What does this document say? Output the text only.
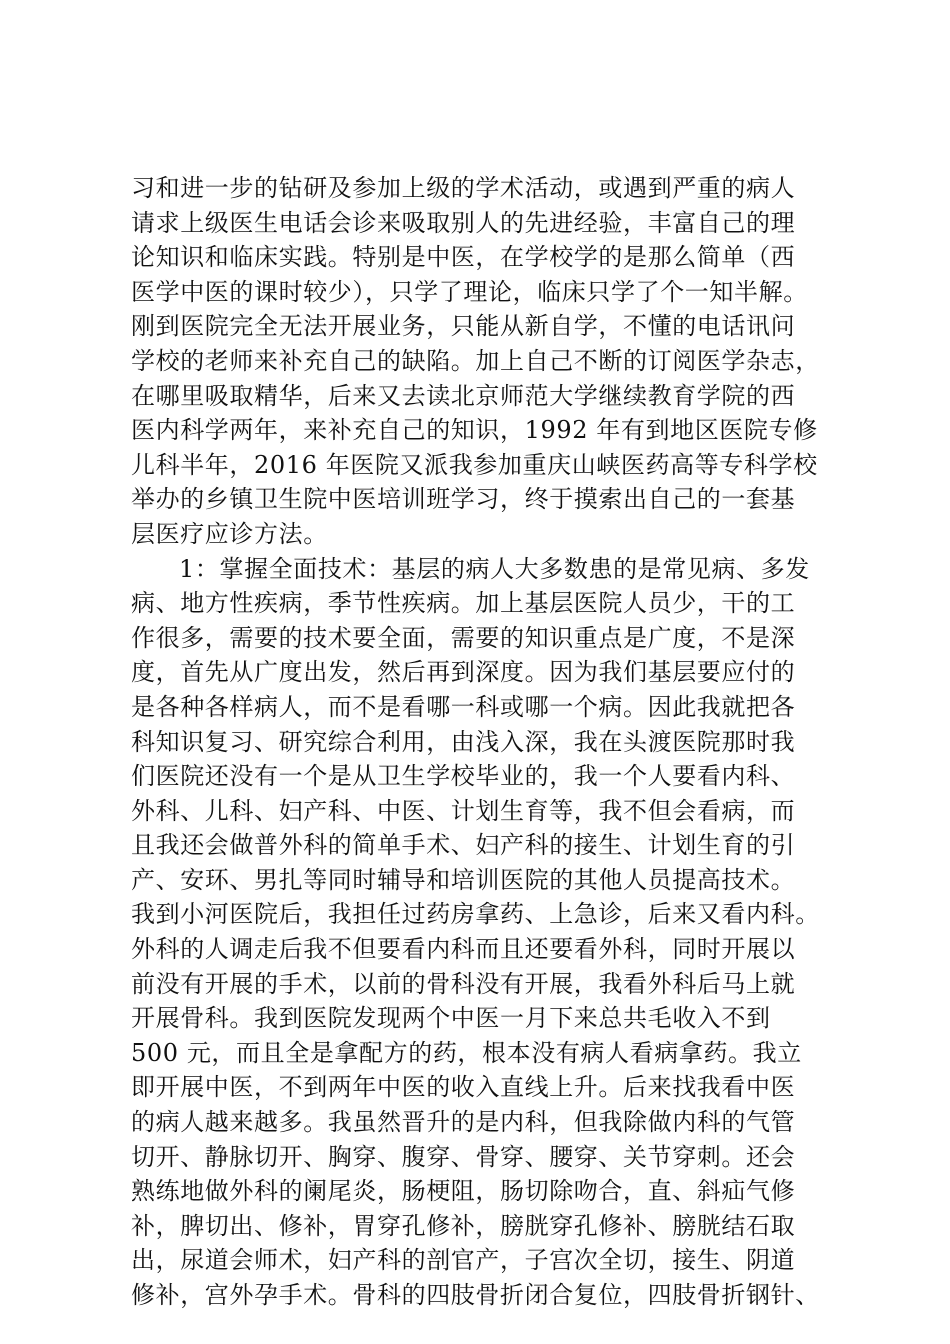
习和进一步的钻研及参加上级的学术活动，或遇到严重的病人
请求上级医生电话会诊来吸取别人的先进经验，丰富自己的理
论知识和临床实践。特别是中医，在学校学的是那么简单（西
医学中医的课时较少），只学了理论，临床只学了个一知半解。
刚到医院完全无法开展业务，只能从新自学，不懂的电话讯问
学校的老师来补充自己的缺陷。加上自己不断的订阅医学杂志，
在哪里吸取精华，后来又去读北京师范大学继续教育学院的西
医内科学两年，来补充自己的知识，1992 年有到地区医院专修
儿科半年，2016 年医院又派我参加重庆山峡医药高等专科学校
举办的乡镇卫生院中医培训班学习，终于摸索出自己的一套基
层医疗应诊方法。
1：掌握全面技术：基层的病人大多数患的是常见病、多发
病、地方性疾病，季节性疾病。加上基层医院人员少，干的工
作很多，需要的技术要全面，需要的知识重点是广度，不是深
度，首先从广度出发，然后再到深度。因为我们基层要应付的
是各种各样病人，而不是看哪一科或哪一个病。因此我就把各
科知识复习、研究综合利用，由浅入深，我在头渡医院那时我
们医院还没有一个是从卫生学校毕业的，我一个人要看内科、
外科、儿科、妇产科、中医、计划生育等，我不但会看病，而
且我还会做普外科的简单手术、妇产科的接生、计划生育的引
产、安环、男扎等同时辅导和培训医院的其他人员提高技术。
我到小河医院后，我担任过药房拿药、上急诊，后来又看内科。
外科的人调走后我不但要看内科而且还要看外科，同时开展以
前没有开展的手术，以前的骨科没有开展，我看外科后马上就
开展骨科。我到医院发现两个中医一月下来总共毛收入不到
500 元，而且全是拿配方的药，根本没有病人看病拿药。我立
即开展中医，不到两年中医的收入直线上升。后来找我看中医
的病人越来越多。我虽然晋升的是内科，但我除做内科的气管
切开、静脉切开、胸穿、腹穿、骨穿、腰穿、关节穿刺。还会
熟练地做外科的阑尾炎，肠梗阻，肠切除吻合，直、斜疝气修
补，脾切出、修补，胃穿孔修补，膀胱穿孔修补、膀胱结石取
出，尿道会师术，妇产科的剖官产，子宫次全切，接生、阴道
修补，宫外孕手术。骨科的四肢骨折闭合复位，四肢骨折钢针、
